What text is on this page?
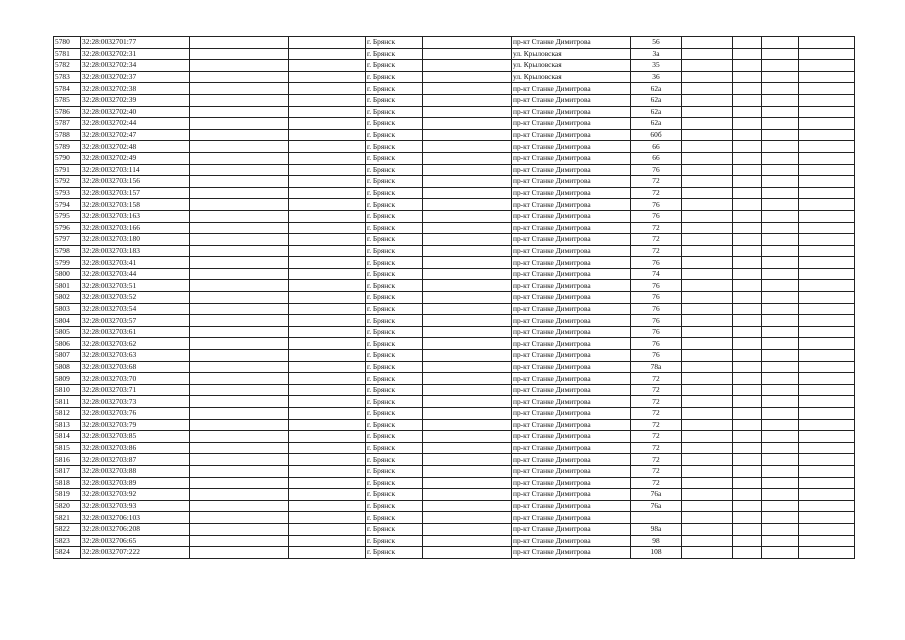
5780	32:28:0032701:77			г. Брянск		пр-кт Станке Димитрова	56				
5781	32:28:0032702:31			г. Брянск		ул. Крыловская	3а				
5782	32:28:0032702:34			г. Брянск		ул. Крыловская	35				
5783	32:28:0032702:37			г. Брянск		ул. Крыловская	36				
5784	32:28:0032702:38			г. Брянск		пр-кт Станке Димитрова	62а				
5785	32:28:0032702:39			г. Брянск		пр-кт Станке Димитрова	62а				
5786	32:28:0032702:40			г. Брянск		пр-кт Станке Димитрова	62а				
5787	32:28:0032702:44			г. Брянск		пр-кт Станке Димитрова	62а				
5788	32:28:0032702:47			г. Брянск		пр-кт Станке Димитрова	60б				
5789	32:28:0032702:48			г. Брянск		пр-кт Станке Димитрова	66				
5790	32:28:0032702:49			г. Брянск		пр-кт Станке Димитрова	66				
5791	32:28:0032703:114			г. Брянск		пр-кт Станке Димитрова	76				
5792	32:28:0032703:156			г. Брянск		пр-кт Станке Димитрова	72				
5793	32:28:0032703:157			г. Брянск		пр-кт Станке Димитрова	72				
5794	32:28:0032703:158			г. Брянск		пр-кт Станке Димитрова	76				
5795	32:28:0032703:163			г. Брянск		пр-кт Станке Димитрова	76				
5796	32:28:0032703:166			г. Брянск		пр-кт Станке Димитрова	72				
5797	32:28:0032703:180			г. Брянск		пр-кт Станке Димитрова	72				
5798	32:28:0032703:183			г. Брянск		пр-кт Станке Димитрова	72				
5799	32:28:0032703:41			г. Брянск		пр-кт Станке Димитрова	76				
5800	32:28:0032703:44			г. Брянск		пр-кт Станке Димитрова	74				
5801	32:28:0032703:51			г. Брянск		пр-кт Станке Димитрова	76				
5802	32:28:0032703:52			г. Брянск		пр-кт Станке Димитрова	76				
5803	32:28:0032703:54			г. Брянск		пр-кт Станке Димитрова	76				
5804	32:28:0032703:57			г. Брянск		пр-кт Станке Димитрова	76				
5805	32:28:0032703:61			г. Брянск		пр-кт Станке Димитрова	76				
5806	32:28:0032703:62			г. Брянск		пр-кт Станке Димитрова	76				
5807	32:28:0032703:63			г. Брянск		пр-кт Станке Димитрова	76				
5808	32:28:0032703:68			г. Брянск		пр-кт Станке Димитрова	78а				
5809	32:28:0032703:70			г. Брянск		пр-кт Станке Димитрова	72				
5810	32:28:0032703:71			г. Брянск		пр-кт Станке Димитрова	72				
5811	32:28:0032703:73			г. Брянск		пр-кт Станке Димитрова	72				
5812	32:28:0032703:76			г. Брянск		пр-кт Станке Димитрова	72				
5813	32:28:0032703:79			г. Брянск		пр-кт Станке Димитрова	72				
5814	32:28:0032703:85			г. Брянск		пр-кт Станке Димитрова	72				
5815	32:28:0032703:86			г. Брянск		пр-кт Станке Димитрова	72				
5816	32:28:0032703:87			г. Брянск		пр-кт Станке Димитрова	72				
5817	32:28:0032703:88			г. Брянск		пр-кт Станке Димитрова	72				
5818	32:28:0032703:89			г. Брянск		пр-кт Станке Димитрова	72				
5819	32:28:0032703:92			г. Брянск		пр-кт Станке Димитрова	76а				
5820	32:28:0032703:93			г. Брянск		пр-кт Станке Димитрова	76а				
5821	32:28:0032706:103			г. Брянск		пр-кт Станке Димитрова					
5822	32:28:0032706:208			г. Брянск		пр-кт Станке Димитрова	98а				
5823	32:28:0032706:65			г. Брянск		пр-кт Станке Димитрова	98				
5824	32:28:0032707:222			г. Брянск		пр-кт Станке Димитрова	108				
